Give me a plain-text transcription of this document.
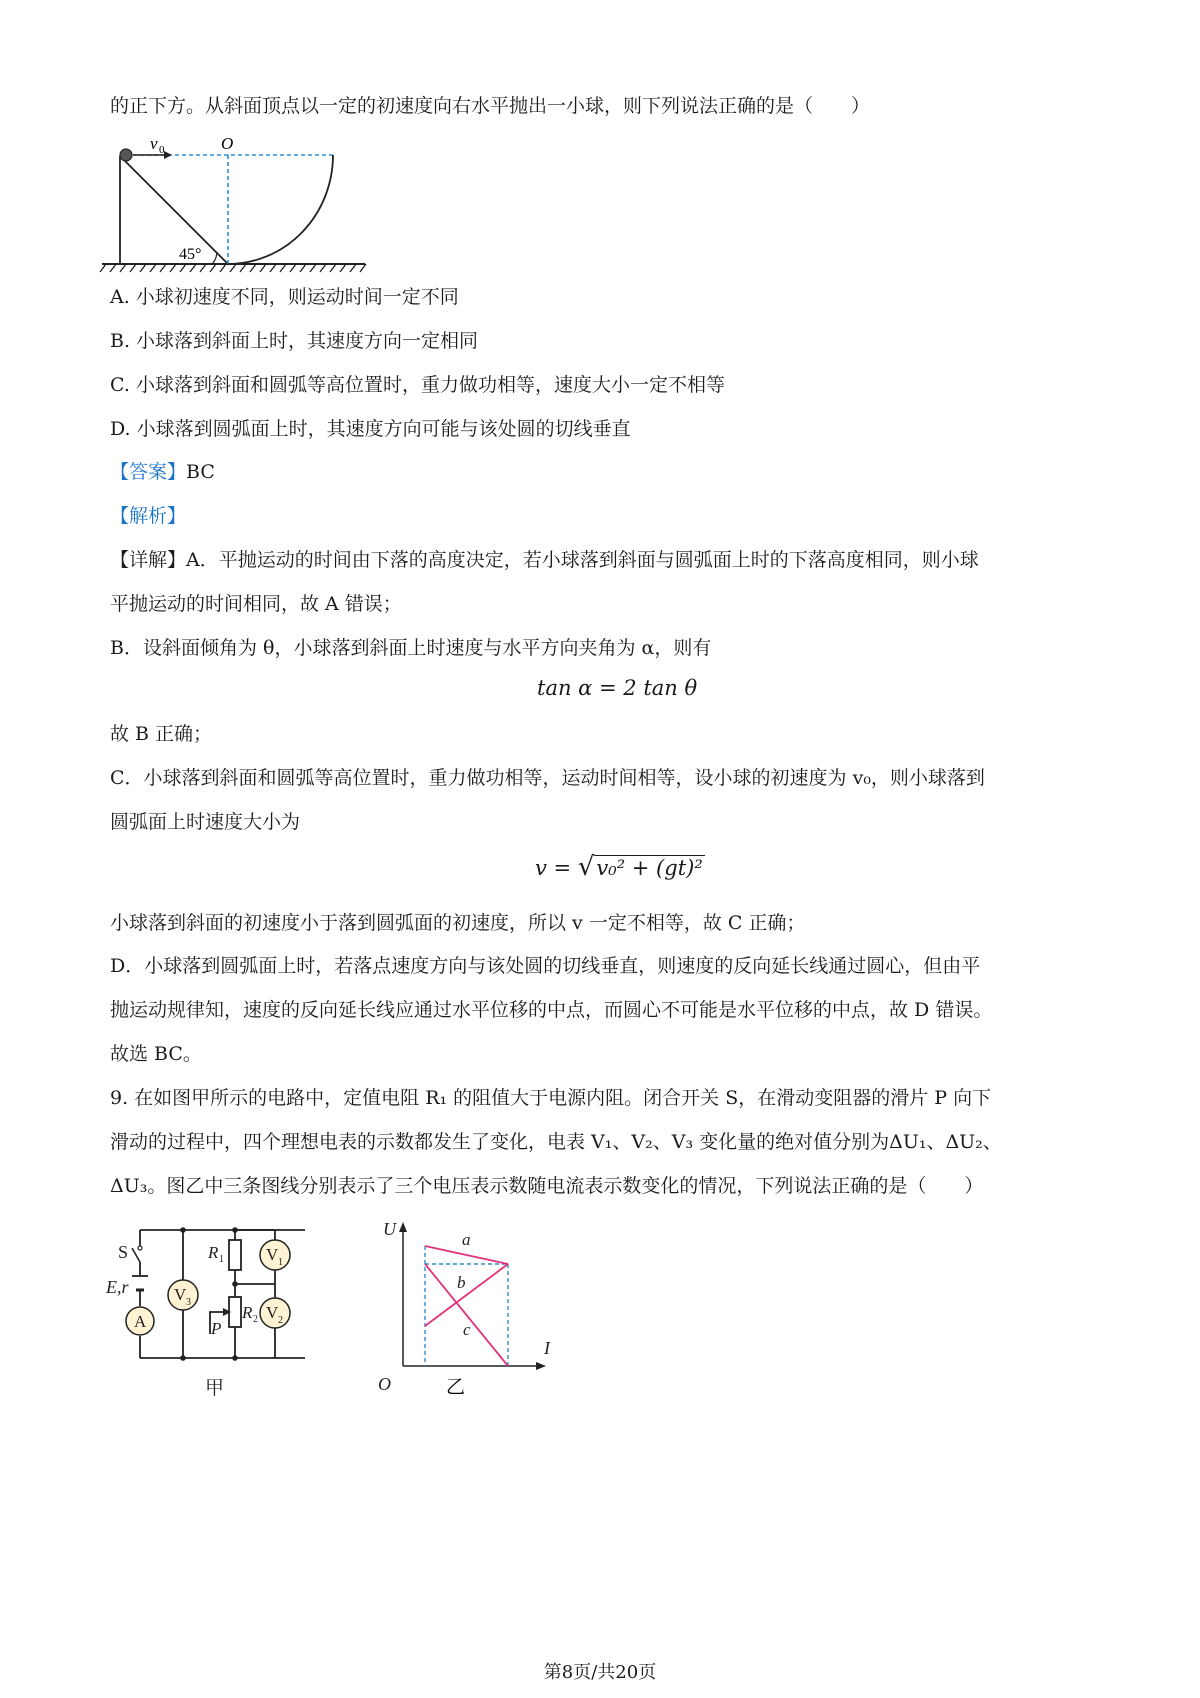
的正下方。从斜面顶点以一定的初速度向右水平抛出一小球，则下列说法正确的是（　　）
v 0	O
45°
A. 小球初速度不同，则运动时间一定不同
B. 小球落到斜面上时，其速度方向一定相同
C. 小球落到斜面和圆弧等高位置时，重力做功相等，速度大小一定不相等
D. 小球落到圆弧面上时，其速度方向可能与该处圆的切线垂直
【答案】BC
【解析】
【详解】A．平抛运动的时间由下落的高度决定，若小球落到斜面与圆弧面上时的下落高度相同，则小球
平抛运动的时间相同，故 A 错误；
B．设斜面倾角为 θ，小球落到斜面上时速度与水平方向夹角为 α，则有
tan α = 2 tan θ
故 B 正确；
C．小球落到斜面和圆弧等高位置时，重力做功相等，运动时间相等，设小球的初速度为 v₀，则小球落到
圆弧面上时速度大小为
v = √v₀² + (gt)²
小球落到斜面的初速度小于落到圆弧面的初速度，所以 v 一定不相等，故 C 正确；
D．小球落到圆弧面上时，若落点速度方向与该处圆的切线垂直，则速度的反向延长线通过圆心，但由平
抛运动规律知，速度的反向延长线应通过水平位移的中点，而圆心不可能是水平位移的中点，故 D 错误。
故选 BC。
9. 在如图甲所示的电路中，定值电阻 R₁ 的阻值大于电源内阻。闭合开关 S，在滑动变阻器的滑片 P 向下
滑动的过程中，四个理想电表的示数都发生了变化，电表 V₁、V₂、V₃ 变化量的绝对值分别为ΔU₁、ΔU₂、
ΔU₃。图乙中三条图线分别表示了三个电压表示数随电流表示数变化的情况，下列说法正确的是（　　）
S
E,r
A
V 3
R 1
R 2
P
V 1
V 2
甲
U
I
O
a
b
c
乙
第8页/共20页
